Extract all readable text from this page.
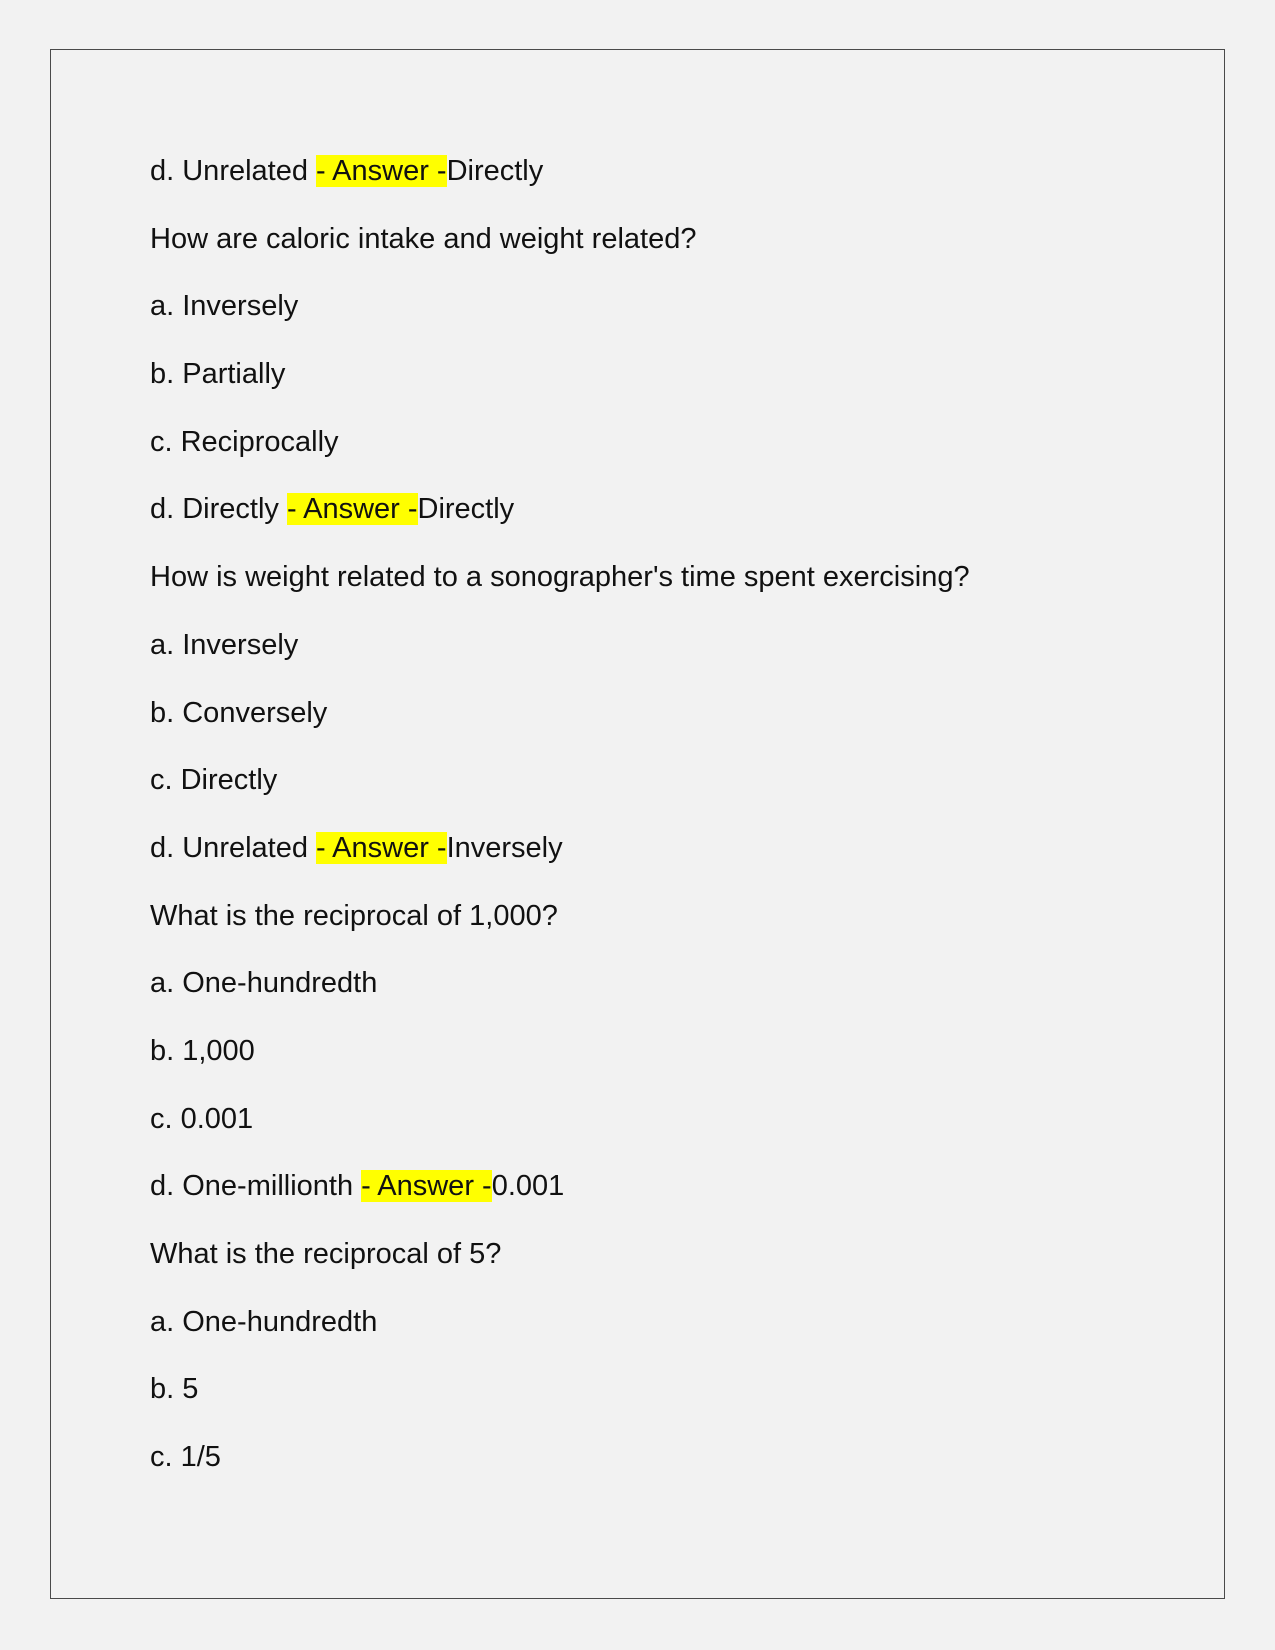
d. Unrelated - Answer -Directly
How are caloric intake and weight related?
a. Inversely
b. Partially
c. Reciprocally
d. Directly - Answer -Directly
How is weight related to a sonographer's time spent exercising?
a. Inversely
b. Conversely
c. Directly
d. Unrelated - Answer -Inversely
What is the reciprocal of 1,000?
a. One-hundredth
b. 1,000
c. 0.001
d. One-millionth - Answer -0.001
What is the reciprocal of 5?
a. One-hundredth
b. 5
c. 1/5
